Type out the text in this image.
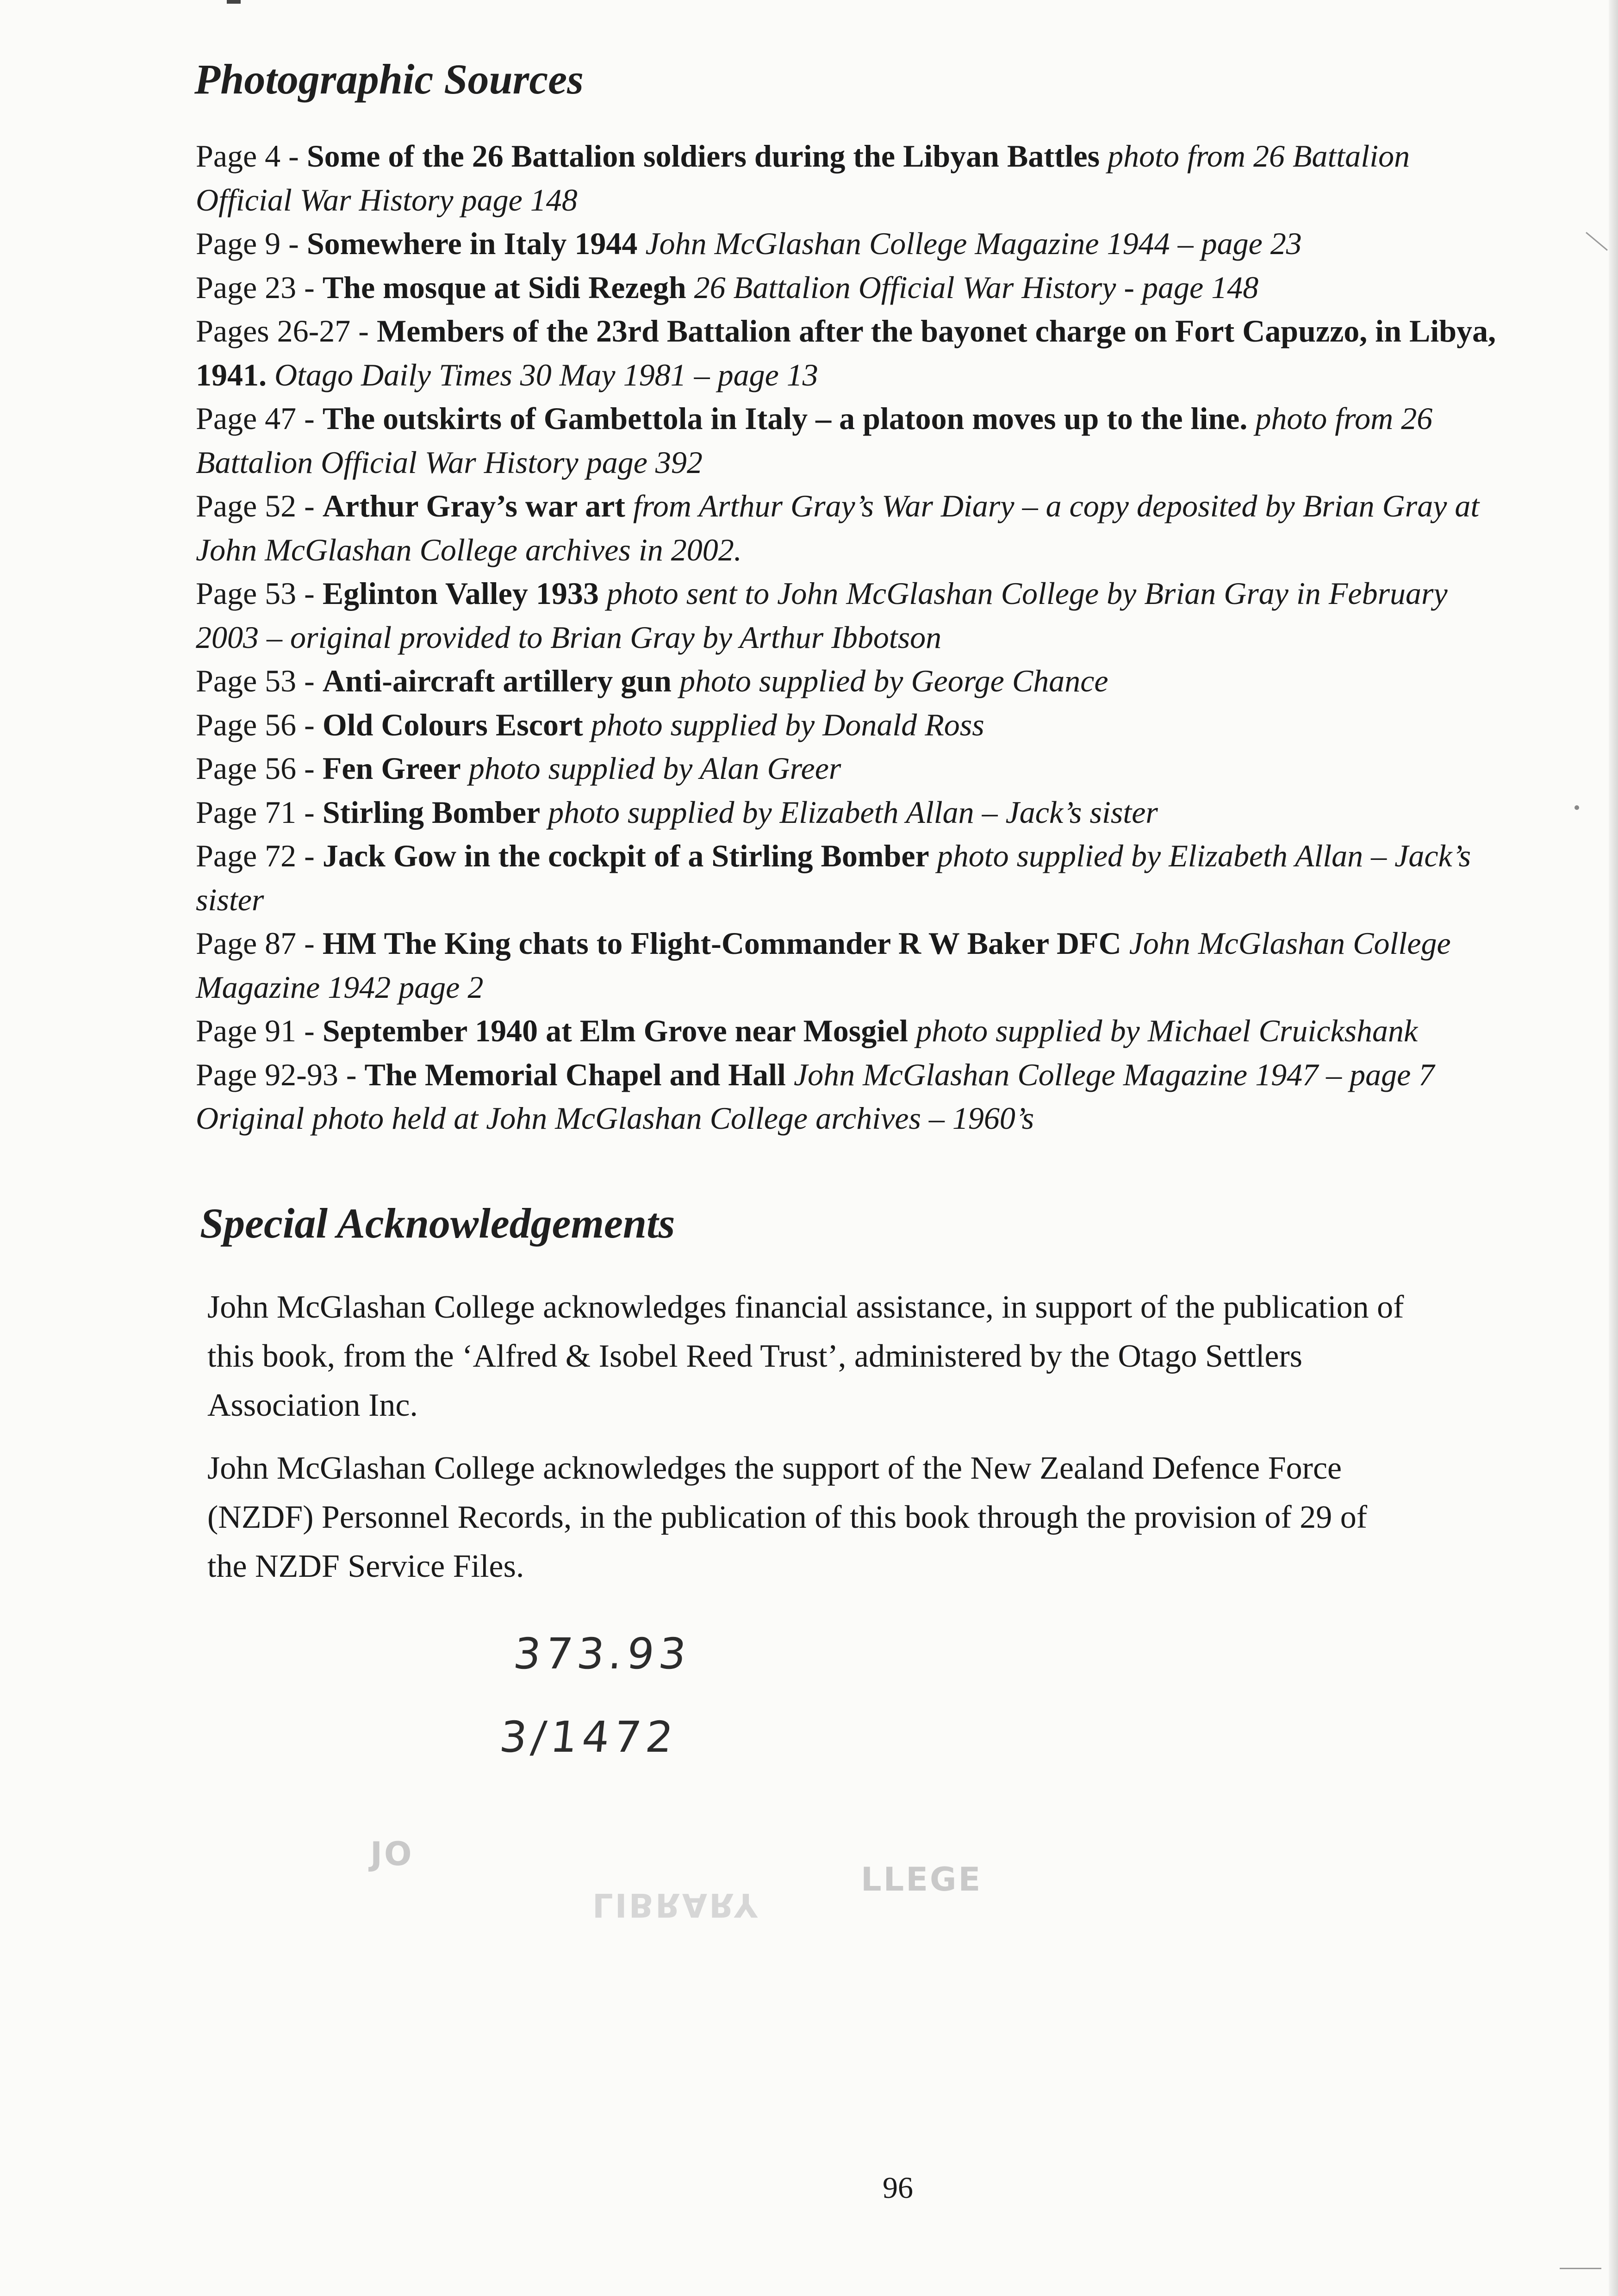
Photographic Sources

Page 4 - Some of the 26 Battalion soldiers during the Libyan Battles photo from 26 Battalion Official War History page 148

Page 9 - Somewhere in Italy 1944 John McGlashan College Magazine 1944 – page 23

Page 23 - The mosque at Sidi Rezegh 26 Battalion Official War History - page 148

Pages 26-27 - Members of the 23rd Battalion after the bayonet charge on Fort Capuzzo, in Libya, 1941. Otago Daily Times 30 May 1981 – page 13

Page 47 - The outskirts of Gambettola in Italy – a platoon moves up to the line. photo from 26 Battalion Official War History page 392

Page 52 - Arthur Gray’s war art from Arthur Gray’s War Diary – a copy deposited by Brian Gray at John McGlashan College archives in 2002.

Page 53 - Eglinton Valley 1933 photo sent to John McGlashan College by Brian Gray in February 2003 – original provided to Brian Gray by Arthur Ibbotson

Page 53 - Anti-aircraft artillery gun photo supplied by George Chance

Page 56 - Old Colours Escort photo supplied by Donald Ross

Page 56 - Fen Greer photo supplied by Alan Greer

Page 71 - Stirling Bomber photo supplied by Elizabeth Allan – Jack’s sister

Page 72 - Jack Gow in the cockpit of a Stirling Bomber photo supplied by Elizabeth Allan – Jack’s sister

Page 87 - HM The King chats to Flight-Commander R W Baker DFC John McGlashan College Magazine 1942 page 2

Page 91 - September 1940 at Elm Grove near Mosgiel photo supplied by Michael Cruickshank

Page 92-93 - The Memorial Chapel and Hall John McGlashan College Magazine 1947 – page 7 Original photo held at John McGlashan College archives – 1960’s

Special Acknowledgements

John McGlashan College acknowledges financial assistance, in support of the publication of this book, from the ‘Alfred & Isobel Reed Trust’, administered by the Otago Settlers Association Inc.

John McGlashan College acknowledges the support of the New Zealand Defence Force (NZDF) Personnel Records, in the publication of this book through the provision of 29 of the NZDF Service Files.

373.93
3/1472
JO
LLEGE
LIBRARY
96
